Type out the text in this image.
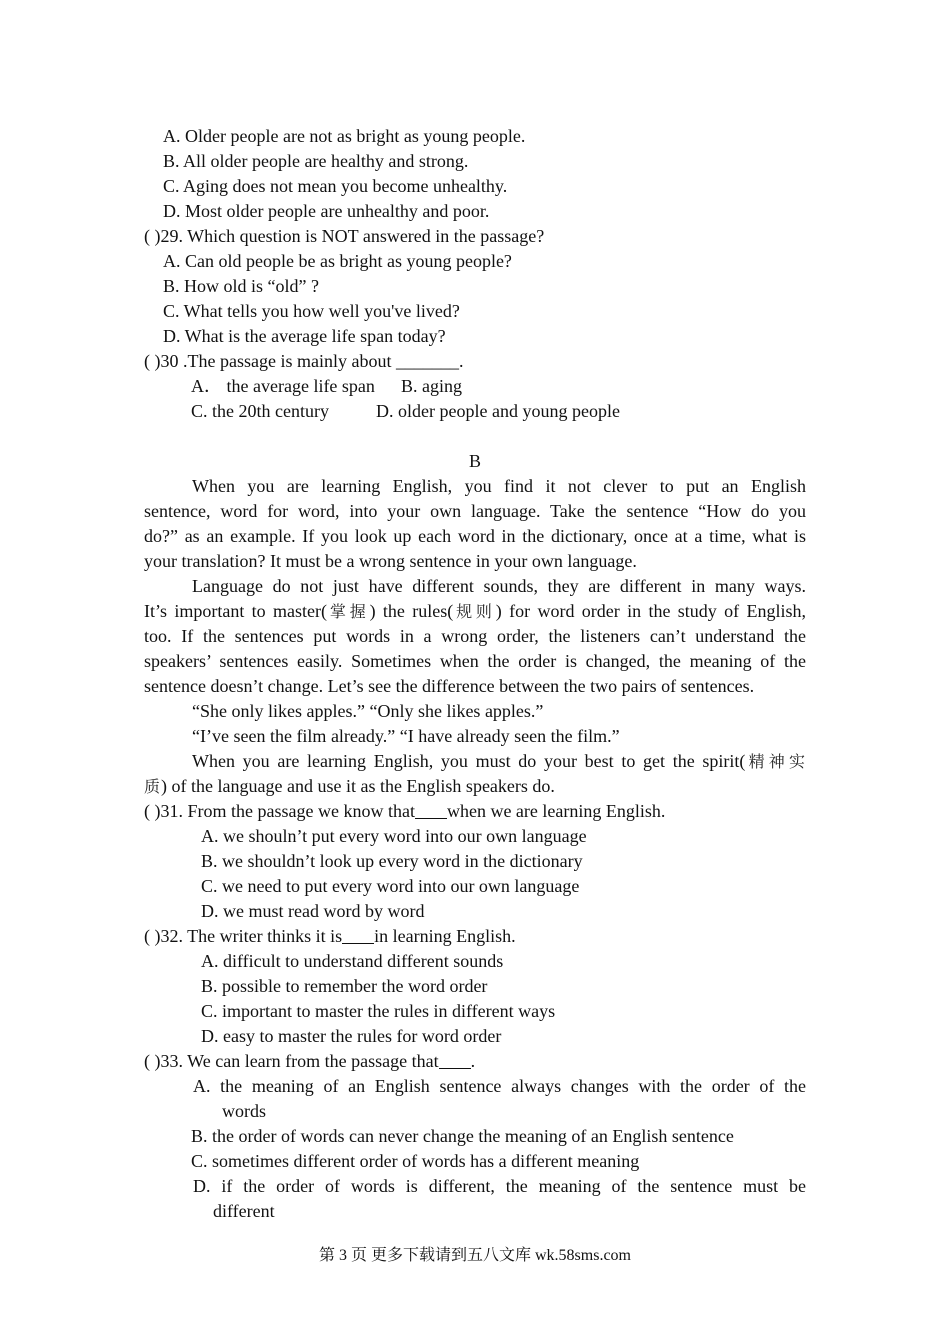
A. Older people are not as bright as young people.
B. All older people are healthy and strong.
C. Aging does not mean you become unhealthy.
D. Most older people are unhealthy and poor.
( )29. Which question is NOT answered in the passage?
A. Can old people be as bright as young people?
B. How old is “old” ?
C. What tells you how well you've lived?
D. What is the average life span today?
( )30 .The passage is mainly about _______.
A． the average life span	B. aging
C. the 20th century	D. older people and young people
B
When you are learning English, you find it not clever to put an English
sentence, word for word, into your own language. Take the sentence “How do you
do?” as an example. If you look up each word in the dictionary, once at a time, what is
your translation? It must be a wrong sentence in your own language.
Language do not just have different sounds, they are different in many ways.
It’s important to master(掌握) the rules(规则) for word order in the study of English,
too. If the sentences put words in a wrong order, the listeners can’t understand the
speakers’ sentences easily. Sometimes when the order is changed, the meaning of the
sentence doesn’t change. Let’s see the difference between the two pairs of sentences.
“She only likes apples.” “Only she likes apples.”
“I’ve seen the film already.” “I have already seen the film.”
When you are learning English, you must do your best to get the spirit(精神实
质) of the language and use it as the English speakers do.
( )31. From the passage we know that when we are learning English.
A. we shouln’t put every word into our own language
B. we shouldn’t look up every word in the dictionary
C. we need to put every word into our own language
D. we must read word by word
( )32. The writer thinks it is in learning English.
A. difficult to understand different sounds
B. possible to remember the word order
C. important to master the rules in different ways
D. easy to master the rules for word order
( )33. We can learn from the passage that .
A. the meaning of an English sentence always changes with the order of the
words
B. the order of words can never change the meaning of an English sentence
C. sometimes different order of words has a different meaning
D. if the order of words is different, the meaning of the sentence must be
different
第 3 页 更多下载请到五八文库 wk.58sms.com
